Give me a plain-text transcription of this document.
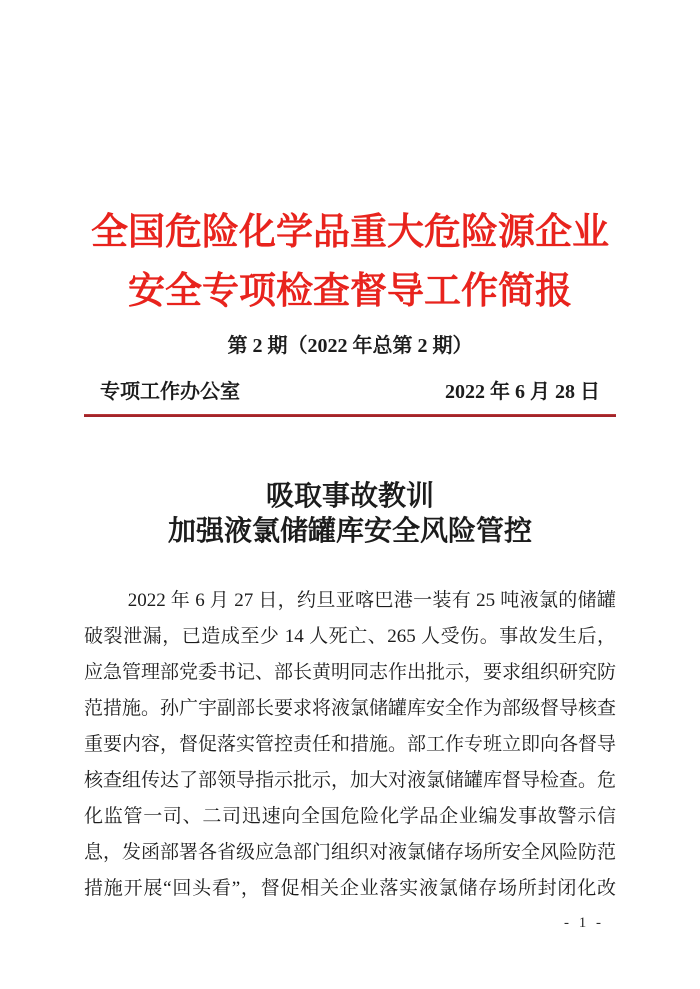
全国危险化学品重大危险源企业
安全专项检查督导工作简报
第 2 期（2022 年总第 2 期）
专项工作办公室	2022 年 6 月 28 日
吸取事故教训
加强液氯储罐库安全风险管控
2022 年 6 月 27 日，约旦亚喀巴港一装有 25 吨液氯的储罐
破裂泄漏，已造成至少 14 人死亡、265 人受伤。事故发生后，
应急管理部党委书记、部长黄明同志作出批示，要求组织研究防
范措施。孙广宇副部长要求将液氯储罐库安全作为部级督导核查
重要内容，督促落实管控责任和措施。部工作专班立即向各督导
核查组传达了部领导指示批示，加大对液氯储罐库督导检查。危
化监管一司、二司迅速向全国危险化学品企业编发事故警示信
息，发函部署各省级应急部门组织对液氯储存场所安全风险防范
措施开展“回头看”，督促相关企业落实液氯储存场所封闭化改
- 1 -
